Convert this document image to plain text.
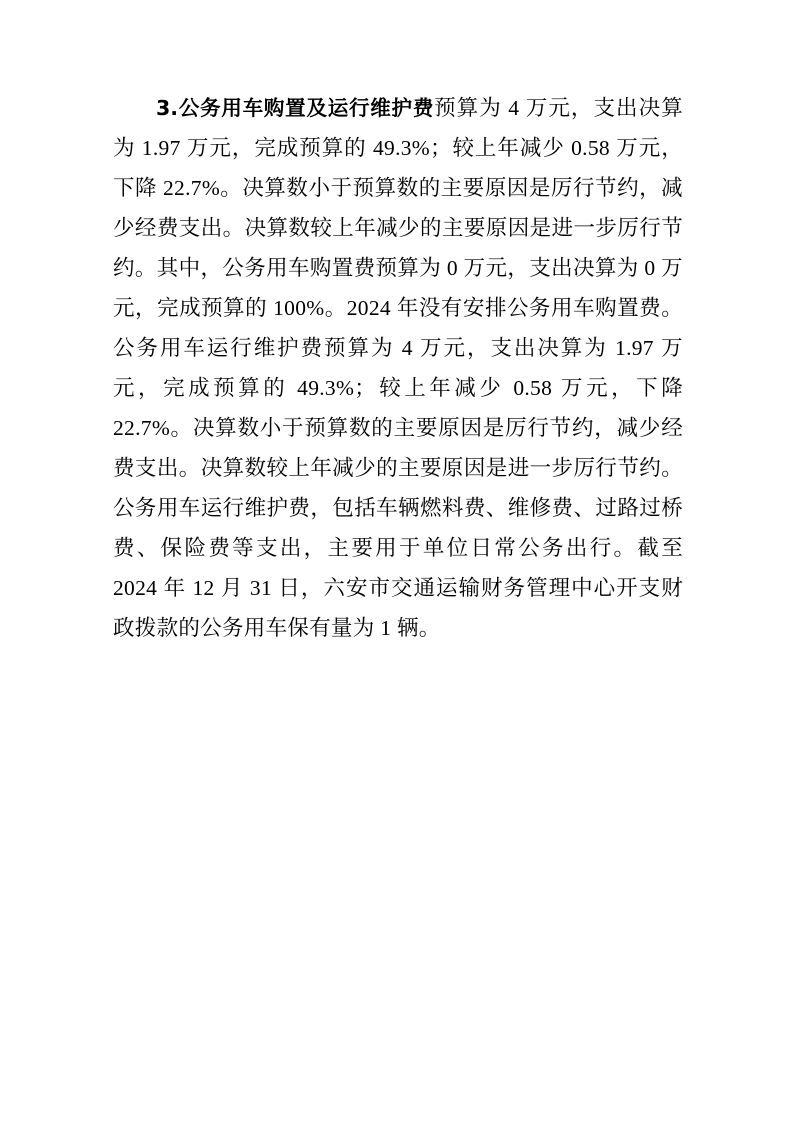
3.公务用车购置及运行维护费预算为 4 万元，支出决算为 1.97 万元，完成预算的 49.3%；较上年减少 0.58 万元，下降 22.7%。决算数小于预算数的主要原因是厉行节约，减少经费支出。决算数较上年减少的主要原因是进一步厉行节约。其中，公务用车购置费预算为 0 万元，支出决算为 0 万元，完成预算的 100%。2024 年没有安排公务用车购置费。公务用车运行维护费预算为 4 万元，支出决算为 1.97 万元，完成预算的 49.3%；较上年减少 0.58 万元，下降 22.7%。决算数小于预算数的主要原因是厉行节约，减少经费支出。决算数较上年减少的主要原因是进一步厉行节约。公务用车运行维护费，包括车辆燃料费、维修费、过路过桥费、保险费等支出，主要用于单位日常公务出行。截至 2024 年 12 月 31 日，六安市交通运输财务管理中心开支财政拨款的公务用车保有量为 1 辆。
